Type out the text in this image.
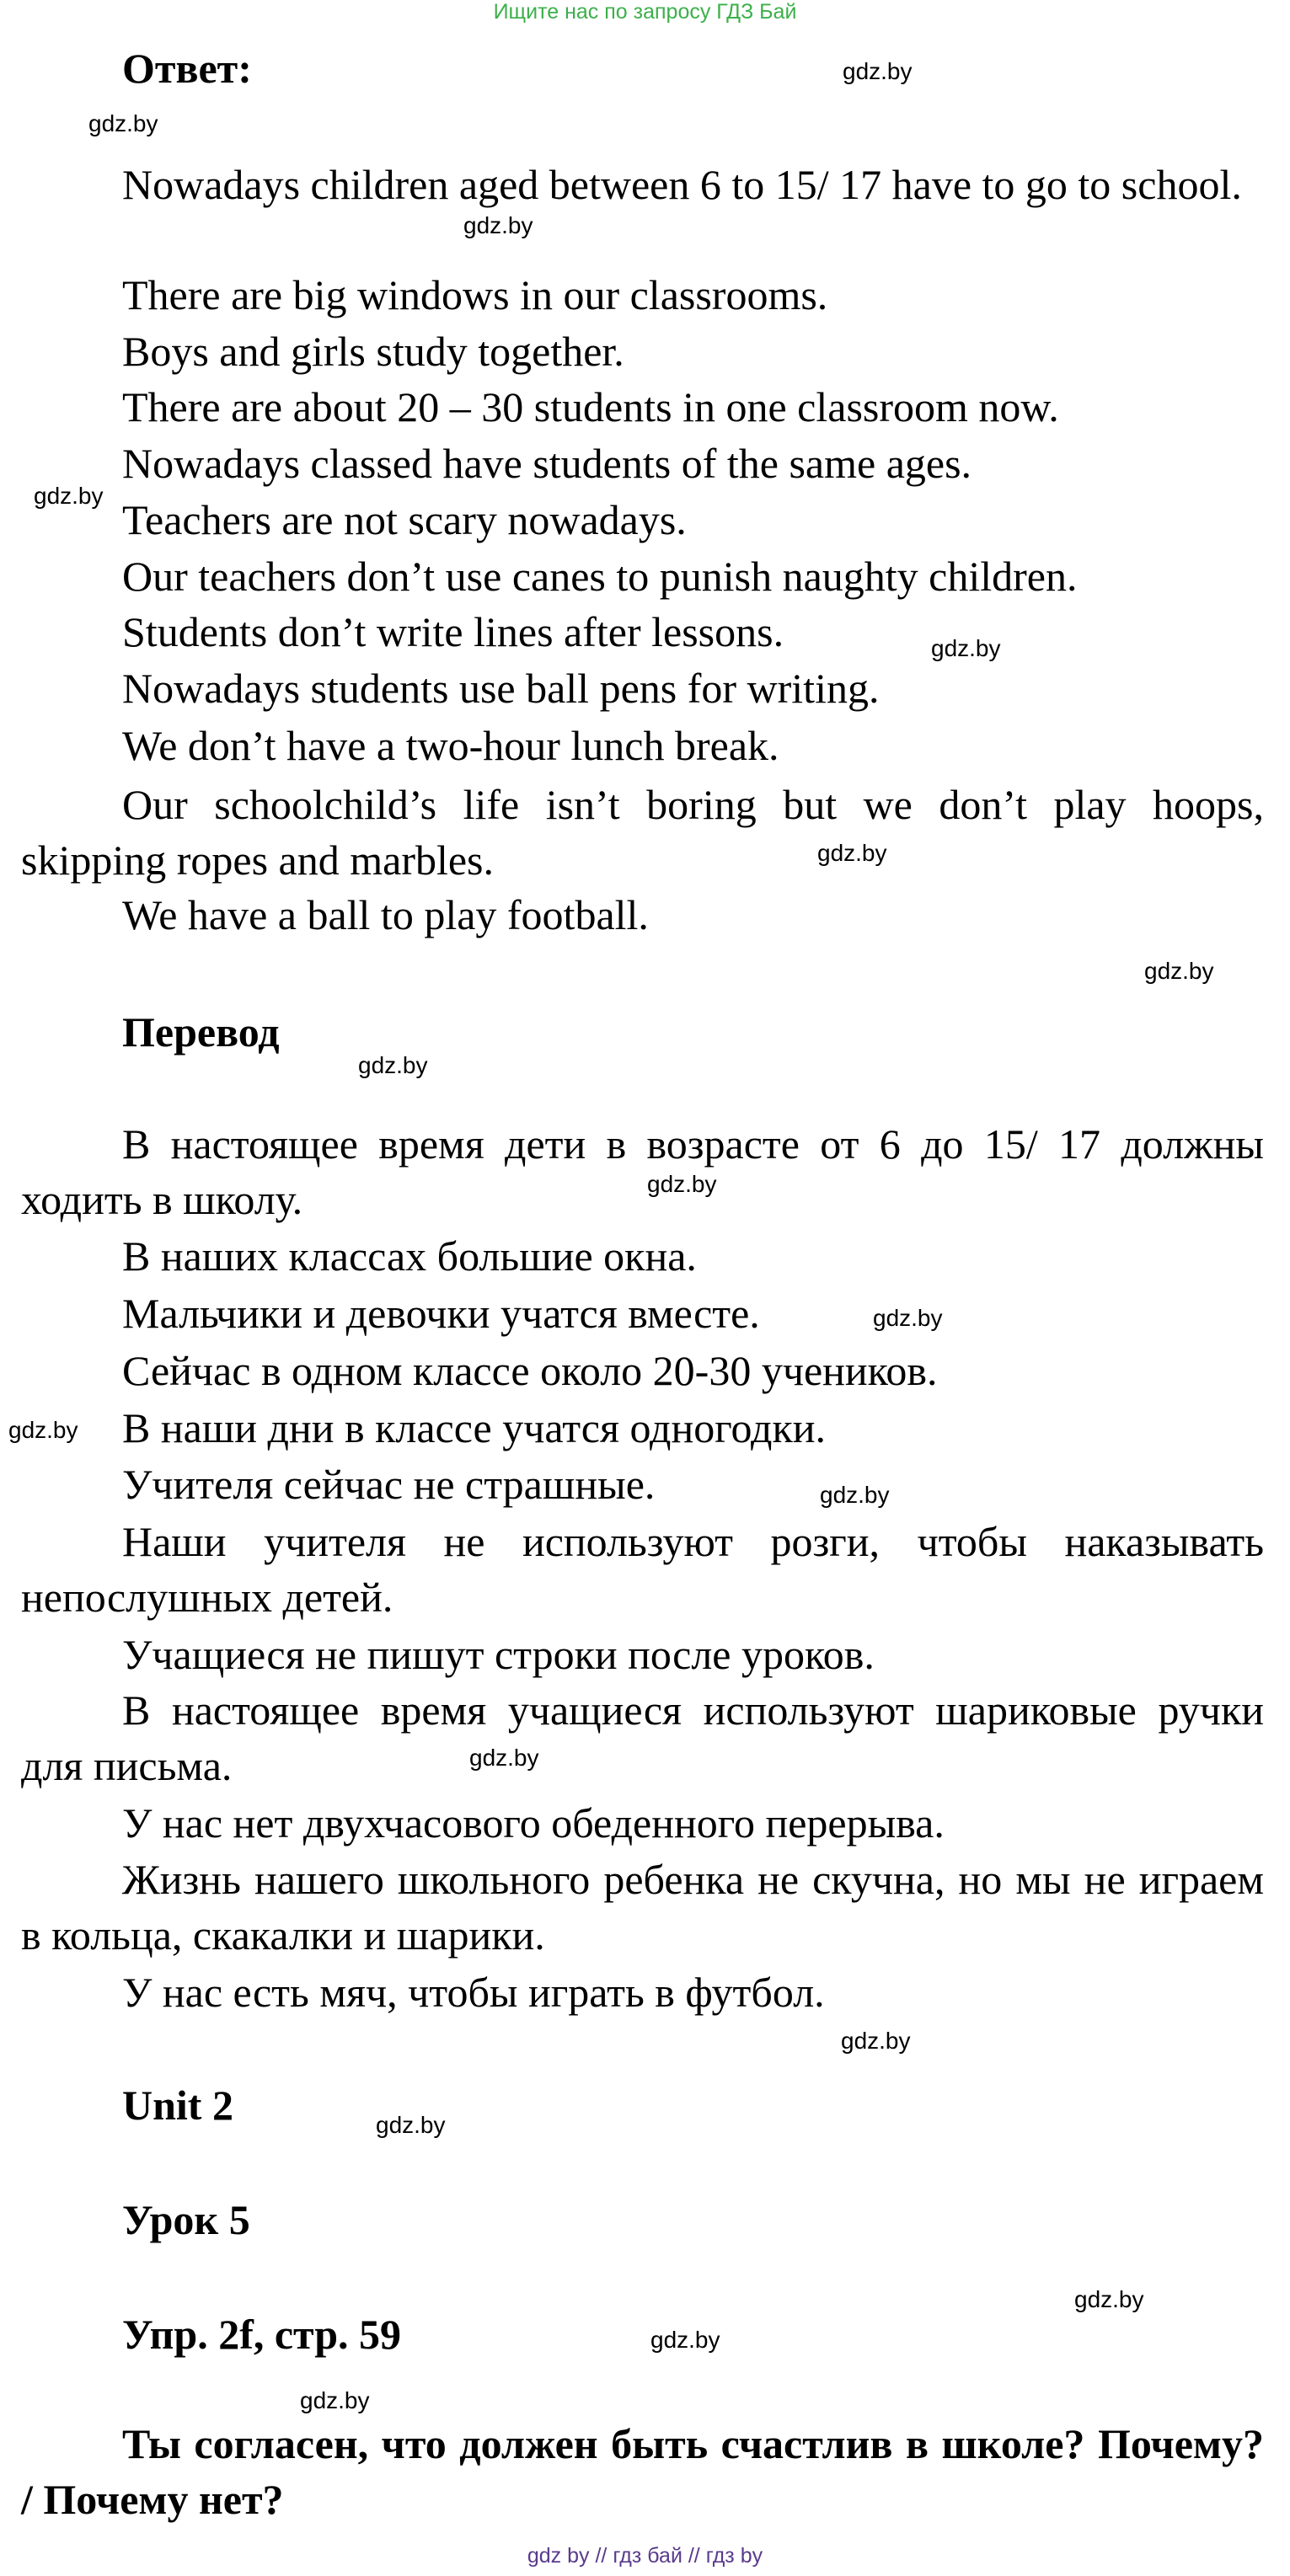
Ищите нас по запросу ГДЗ Бай
Ответ:
Nowadays children aged between 6 to 15/ 17 have to go to school.
There are big windows in our classrooms.
Boys and girls study together.
There are about 20 – 30 students in one classroom now.
Nowadays classed have students of the same ages.
Teachers are not scary nowadays.
Our teachers don’t use canes to punish naughty children.
Students don’t write lines after lessons.
Nowadays students use ball pens for writing.
We don’t have a two-hour lunch break.
Our schoolchild’s life isn’t boring but we don’t play hoops, skipping ropes and marbles.
We have a ball to play football.
Перевод
В настоящее время дети в возрасте от 6 до 15/ 17 должны ходить в школу.
В наших классах большие окна.
Мальчики и девочки учатся вместе.
Сейчас в одном классе около 20-30 учеников.
В наши дни в классе учатся одногодки.
Учителя сейчас не страшные.
Наши учителя не используют розги, чтобы наказывать непослушных детей.
Учащиеся не пишут строки после уроков.
В настоящее время учащиеся используют шариковые ручки для письма.
У нас нет двухчасового обеденного перерыва.
Жизнь нашего школьного ребенка не скучна, но мы не играем в кольца, скакалки и шарики.
У нас есть мяч, чтобы играть в футбол.
Unit 2
Урок 5
Упр. 2f, стр. 59
Ты согласен, что должен быть счастлив в школе? Почему? / Почему нет?
gdz.by
gdz.by
gdz.by
gdz.by
gdz.by
gdz.by
gdz.by
gdz.by
gdz.by
gdz.by
gdz.by
gdz.by
gdz.by
gdz.by
gdz.by
gdz.by
gdz.by
gdz.by
gdz by // гдз бай // гдз by
